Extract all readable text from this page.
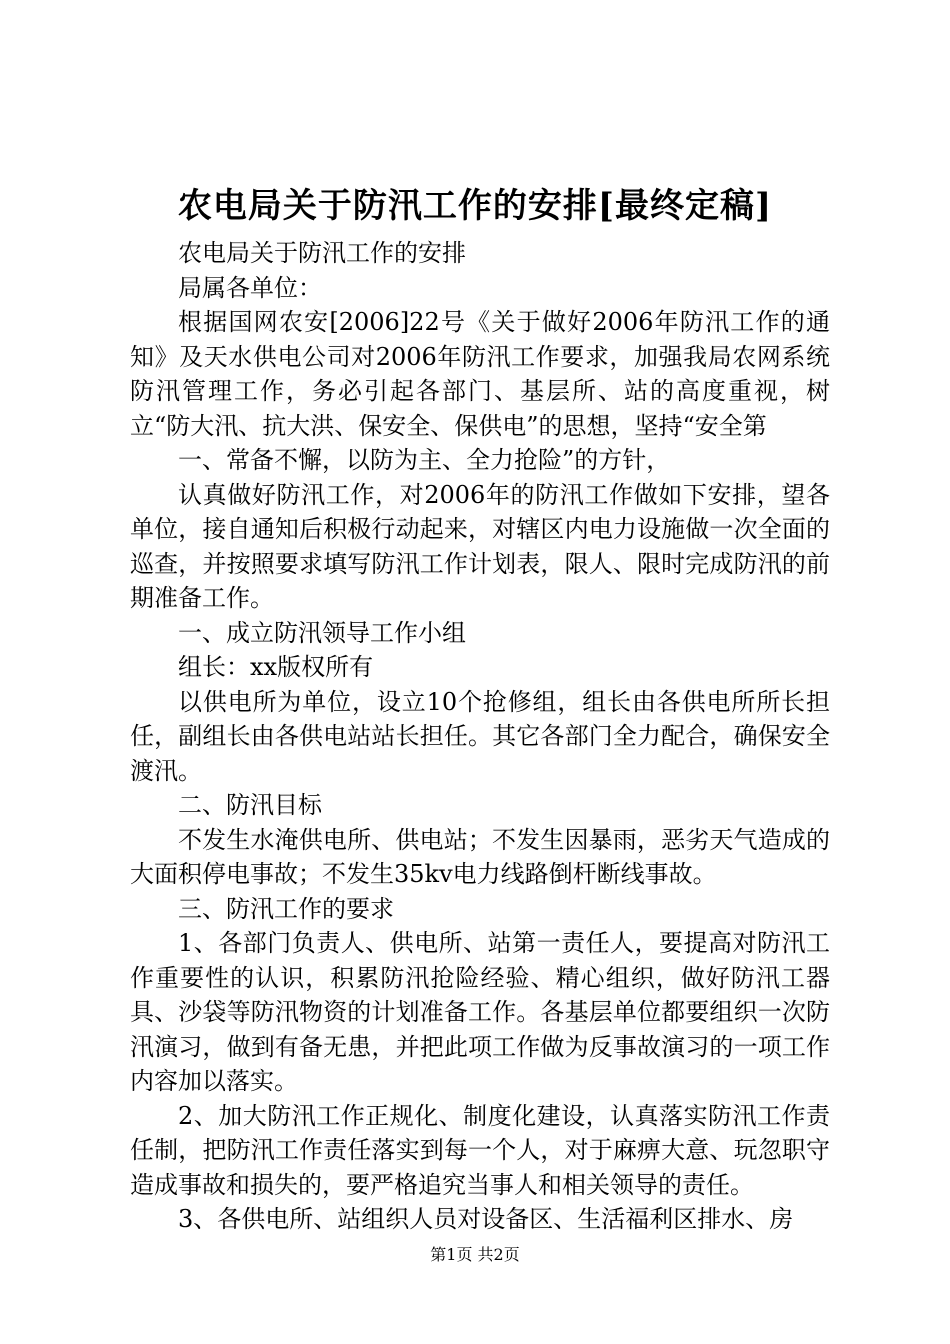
农电局关于防汛工作的安排[最终定稿]

农电局关于防汛工作的安排

局属各单位：

根据国网农安[2006]22号《关于做好2006年防汛工作的通知》及天水供电公司对2006年防汛工作要求，加强我局农网系统防汛管理工作，务必引起各部门、基层所、站的高度重视，树立“防大汛、抗大洪、保安全、保供电”的思想，坚持“安全第

一、常备不懈，以防为主、全力抢险”的方针，

认真做好防汛工作，对2006年的防汛工作做如下安排，望各单位，接自通知后积极行动起来，对辖区内电力设施做一次全面的巡查，并按照要求填写防汛工作计划表，限人、限时完成防汛的前期准备工作。

一、成立防汛领导工作小组

组长：xx版权所有

以供电所为单位，设立10个抢修组，组长由各供电所所长担任，副组长由各供电站站长担任。其它各部门全力配合，确保安全渡汛。

二、防汛目标

不发生水淹供电所、供电站；不发生因暴雨，恶劣天气造成的大面积停电事故；不发生35kv电力线路倒杆断线事故。

三、防汛工作的要求

1、各部门负责人、供电所、站第一责任人，要提高对防汛工作重要性的认识，积累防汛抢险经验、精心组织，做好防汛工器具、沙袋等防汛物资的计划准备工作。各基层单位都要组织一次防汛演习，做到有备无患，并把此项工作做为反事故演习的一项工作内容加以落实。

2、加大防汛工作正规化、制度化建设，认真落实防汛工作责任制，把防汛工作责任落实到每一个人，对于麻痹大意、玩忽职守造成事故和损失的，要严格追究当事人和相关领导的责任。

3、各供电所、站组织人员对设备区、生活福利区排水、房

第1页 共2页
